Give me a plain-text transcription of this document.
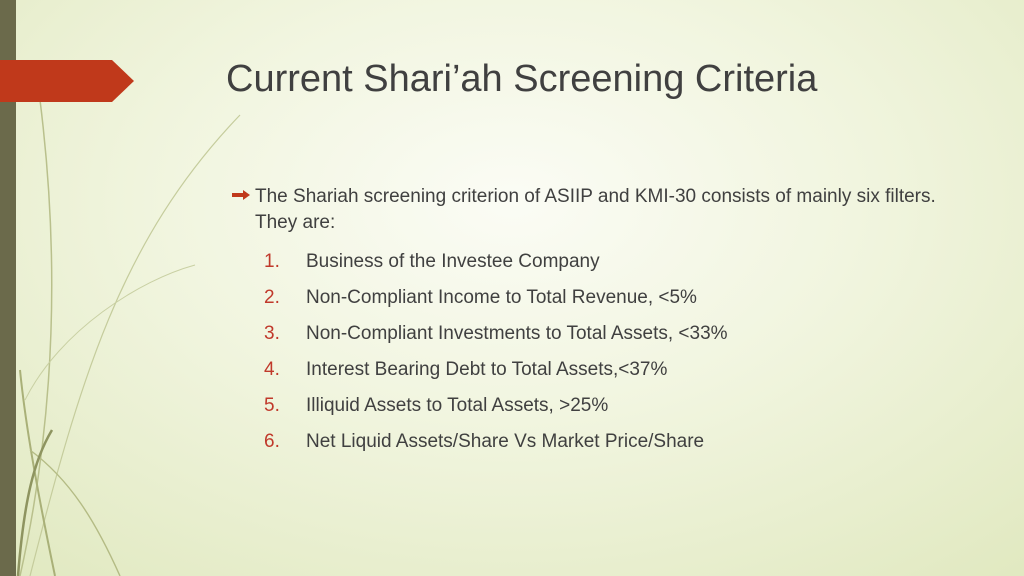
Current Shari’ah Screening Criteria
The Shariah screening criterion of ASIIP and KMI-30 consists of mainly six filters. They are:
1.	Business of the Investee Company
2.	Non-Compliant Income to Total Revenue, <5%
3.	Non-Compliant Investments to Total Assets, <33%
4.	Interest Bearing Debt to Total Assets,<37%
5.	Illiquid Assets to Total Assets, >25%
6.	Net Liquid Assets/Share Vs Market Price/Share
